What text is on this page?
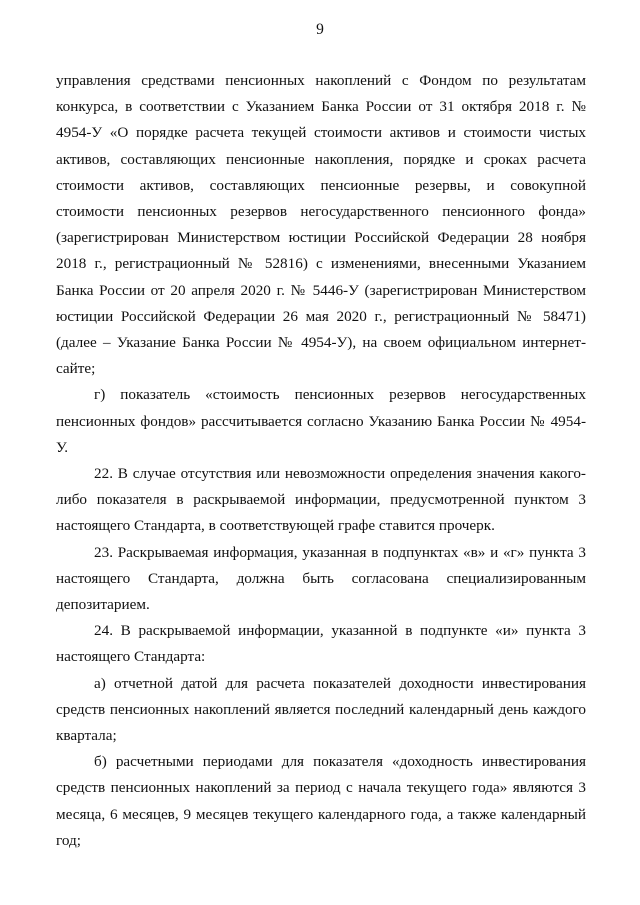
9

управления средствами пенсионных накоплений с Фондом по результатам конкурса, в соответствии с Указанием Банка России от 31 октября 2018 г. № 4954-У «О порядке расчета текущей стоимости активов и стоимости чистых активов, составляющих пенсионные накопления, порядке и сроках расчета стоимости активов, составляющих пенсионные резервы, и совокупной стоимости пенсионных резервов негосударственного пенсионного фонда» (зарегистрирован Министерством юстиции Российской Федерации 28 ноября 2018 г., регистрационный № 52816) с изменениями, внесенными Указанием Банка России от 20 апреля 2020 г. № 5446-У (зарегистрирован Министерством юстиции Российской Федерации 26 мая 2020 г., регистрационный № 58471) (далее – Указание Банка России № 4954-У), на своем официальном интернет-сайте;

г) показатель «стоимость пенсионных резервов негосударственных пенсионных фондов» рассчитывается согласно Указанию Банка России № 4954-У.

22. В случае отсутствия или невозможности определения значения какого-либо показателя в раскрываемой информации, предусмотренной пунктом 3 настоящего Стандарта, в соответствующей графе ставится прочерк.

23. Раскрываемая информация, указанная в подпунктах «в» и «г» пункта 3 настоящего Стандарта, должна быть согласована специализированным депозитарием.

24. В раскрываемой информации, указанной в подпункте «и» пункта 3 настоящего Стандарта:

а) отчетной датой для расчета показателей доходности инвестирования средств пенсионных накоплений является последний календарный день каждого квартала;

б) расчетными периодами для показателя «доходность инвестирования средств пенсионных накоплений за период с начала текущего года» являются 3 месяца, 6 месяцев, 9 месяцев текущего календарного года, а также календарный год;
